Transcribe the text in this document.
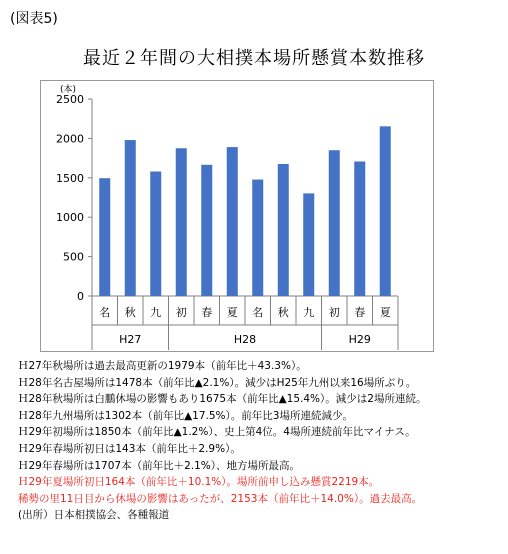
(図表5)
最近２年間の大相撲本場所懸賞本数推移
(本)
0
500
1000
1500
2000
2500
H27	H28	H29
名 秋 九 初 春 夏 名 秋 九 初 春 夏
Ｈ27年秋場所は過去最高更新の1979本（前年比＋43.3%）。
Ｈ28年名古屋場所は1478本（前年比▲2.1%）。減少はH25年九州以来16場所ぶり。
Ｈ28年秋場所は白鵬休場の影響もあり1675本（前年比▲15.4%）。減少は2場所連続。
Ｈ28年九州場所は1302本（前年比▲17.5%）。前年比3場所連続減少。
Ｈ29年初場所は1850本（前年比▲1.2%）、史上第4位。4場所連続前年比マイナス。
Ｈ29年春場所初日は143本（前年比＋2.9%）。
Ｈ29年春場所は1707本（前年比＋2.1%）、地方場所最高。
Ｈ29年夏場所初日164本（前年比＋10.1%）。場所前申し込み懸賞2219本。
稀勢の里11日目から休場の影響はあったが、2153本（前年比＋14.0%）。過去最高。
(出所）日本相撲協会、各種報道
